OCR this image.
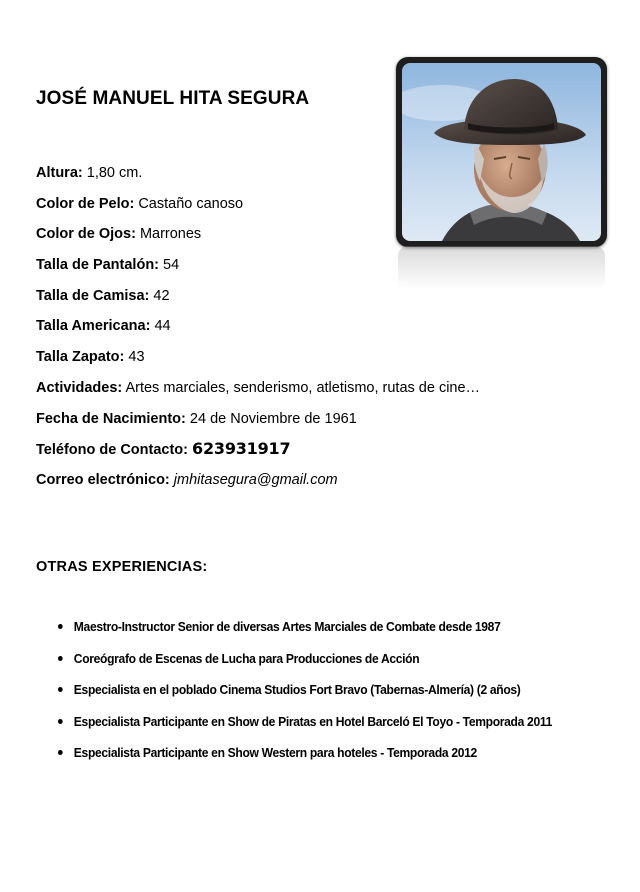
JOSÉ MANUEL HITA SEGURA
Altura: 1,80 cm.
Color de Pelo: Castaño canoso
Color de Ojos: Marrones
Talla de Pantalón: 54
Talla de Camisa: 42
Talla Americana: 44
Talla Zapato: 43
Actividades: Artes marciales, senderismo, atletismo, rutas de cine…
Fecha de Nacimiento: 24 de Noviembre de 1961
Teléfono de Contacto: 623931917
Correo electrónico: jmhitasegura@gmail.com
OTRAS EXPERIENCIAS:
Maestro-Instructor Senior de diversas Artes Marciales de Combate desde 1987
Coreógrafo de Escenas de Lucha para Producciones de Acción
Especialista en el poblado Cinema Studios Fort Bravo (Tabernas-Almería) (2 años)
Especialista Participante en Show de Piratas en Hotel Barceló El Toyo - Temporada 2011
Especialista Participante en Show Western para hoteles - Temporada 2012
